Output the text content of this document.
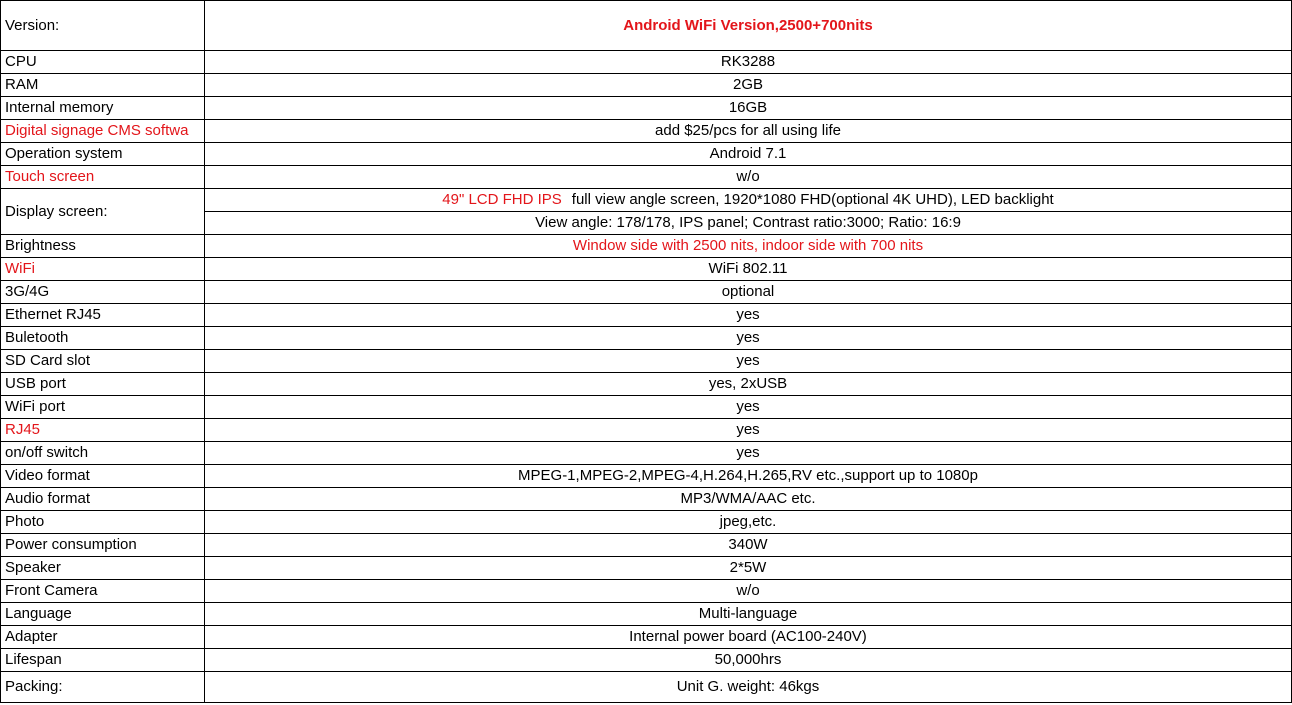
Version:	Android WiFi Version,2500+700nits
CPU	RK3288
RAM	2GB
Internal memory	16GB
Digital signage CMS softwa	add $25/pcs for all using life
Operation system	Android 7.1
Touch screen	w/o
Display screen:	49" LCD FHD IPS full view angle screen, 1920*1080 FHD(optional 4K UHD), LED backlight
	View angle: 178/178, IPS panel; Contrast ratio:3000; Ratio: 16:9
Brightness	Window side with 2500 nits, indoor side with 700 nits
WiFi	WiFi 802.11
3G/4G	optional
Ethernet RJ45	yes
Buletooth	yes
SD Card slot	yes
USB port	yes, 2xUSB
WiFi port	yes
RJ45	yes
on/off switch	yes
Video format	MPEG-1,MPEG-2,MPEG-4,H.264,H.265,RV etc.,support up to 1080p
Audio format	MP3/WMA/AAC etc.
Photo	jpeg,etc.
Power consumption	340W
Speaker	2*5W
Front Camera	w/o
Language	Multi-language
Adapter	Internal power board (AC100-240V)
Lifespan	50,000hrs
Packing:	Unit G. weight: 46kgs
